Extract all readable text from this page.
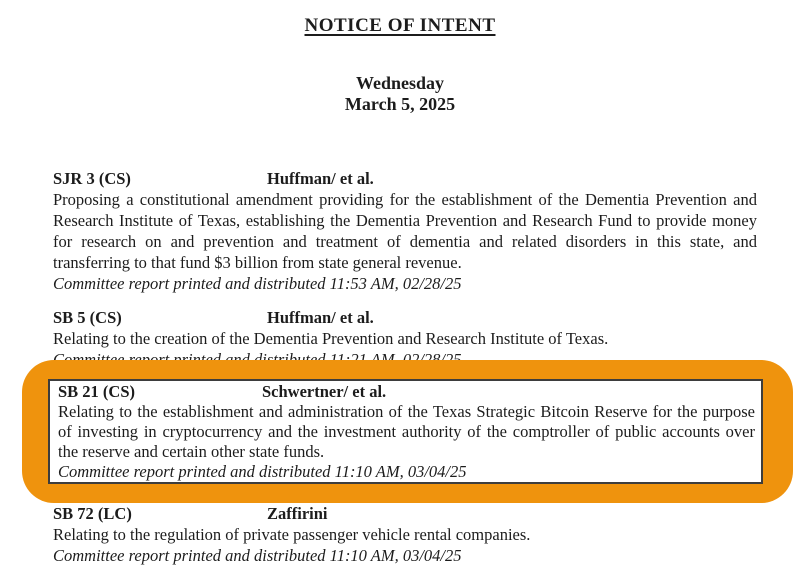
NOTICE OF INTENT
Wednesday
March 5, 2025
SJR 3 (CS)	Huffman/ et al.
Proposing a constitutional amendment providing for the establishment of the Dementia Prevention and Research Institute of Texas, establishing the Dementia Prevention and Research Fund to provide money for research on and prevention and treatment of dementia and related disorders in this state, and transferring to that fund $3 billion from state general revenue.
Committee report printed and distributed 11:53 AM, 02/28/25
SB 5 (CS)	Huffman/ et al.
Relating to the creation of the Dementia Prevention and Research Institute of Texas.
SB 21 (CS)	Schwertner/ et al.
Relating to the establishment and administration of the Texas Strategic Bitcoin Reserve for the purpose of investing in cryptocurrency and the investment authority of the comptroller of public accounts over the reserve and certain other state funds.
Committee report printed and distributed 11:10 AM, 03/04/25
SB 72 (LC)	Zaffirini
Relating to the regulation of private passenger vehicle rental companies.
Committee report printed and distributed 11:10 AM, 03/04/25
